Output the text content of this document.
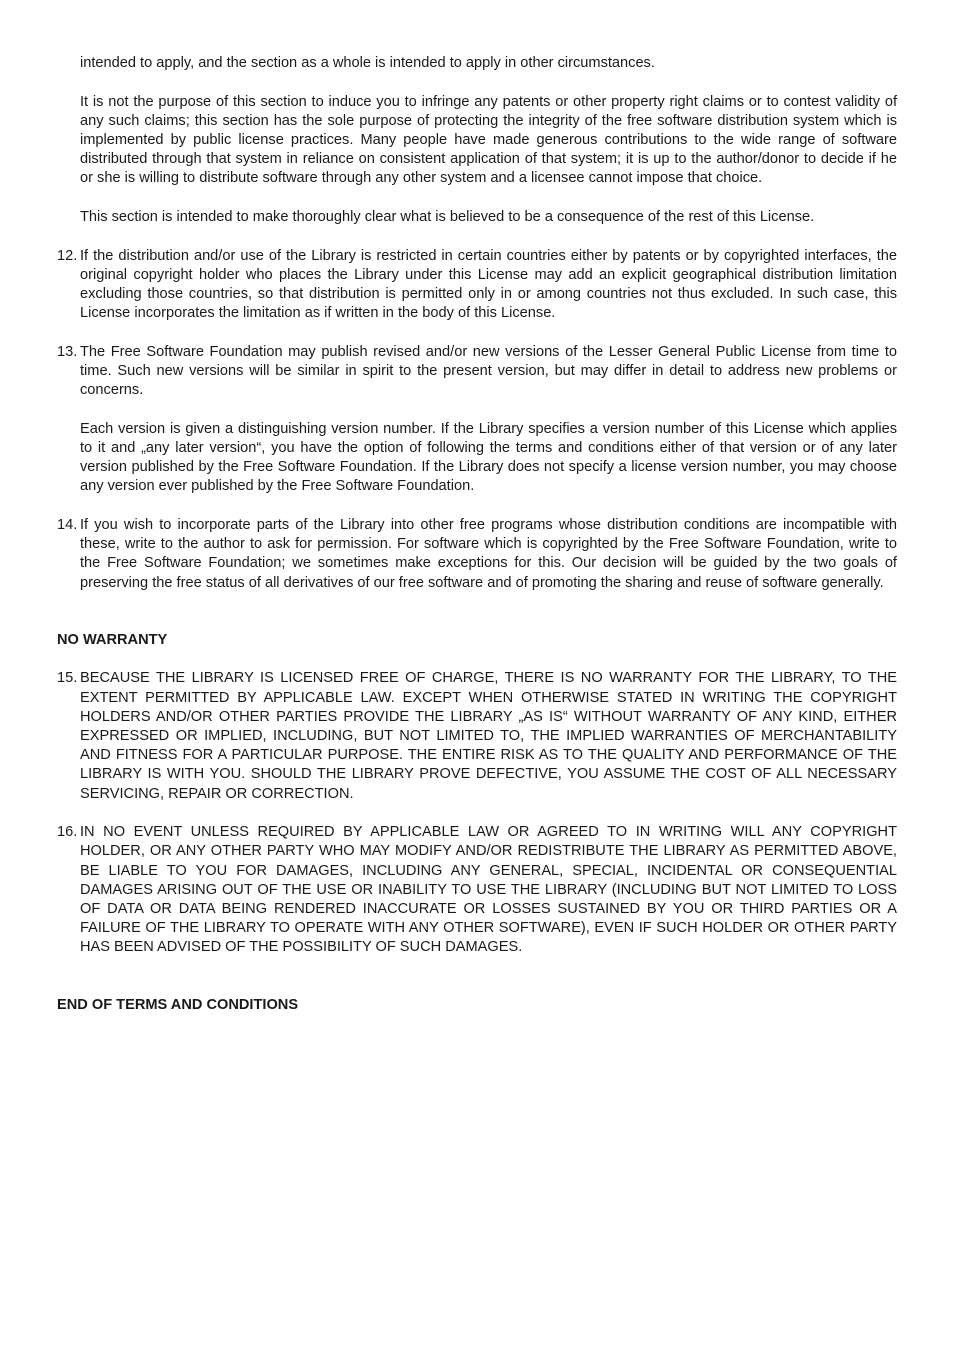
intended to apply, and the section as a whole is intended to apply in other circumstances.

It is not the purpose of this section to induce you to infringe any patents or other property right claims or to contest validity of any such claims; this section has the sole purpose of protecting the integrity of the free software distribution system which is implemented by public license practices. Many people have made generous contributions to the wide range of software distributed through that system in reliance on consistent application of that system; it is up to the author/donor to decide if he or she is willing to distribute software through any other system and a licensee cannot impose that choice.

This section is intended to make thoroughly clear what is believed to be a consequence of the rest of this License.

12. If the distribution and/or use of the Library is restricted in certain countries either by patents or by copyrighted interfaces, the original copyright holder who places the Library under this License may add an explicit geographical distribution limitation excluding those countries, so that distribution is permitted only in or among countries not thus excluded. In such case, this License incorporates the limitation as if written in the body of this License.
13. The Free Software Foundation may publish revised and/or new versions of the Lesser General Public License from time to time. Such new versions will be similar in spirit to the present version, but may differ in detail to address new problems or concerns.
Each version is given a distinguishing version number. If the Library specifies a version number of this License which applies to it and „any later version“, you have the option of following the terms and conditions either of that version or of any later version published by the Free Software Foundation. If the Library does not specify a license version number, you may choose any version ever published by the Free Software Foundation.
14. If you wish to incorporate parts of the Library into other free programs whose distribution conditions are incompatible with these, write to the author to ask for permission. For software which is copyrighted by the Free Software Foundation, write to the Free Software Foundation; we sometimes make exceptions for this. Our decision will be guided by the two goals of preserving the free status of all derivatives of our free software and of promoting the sharing and reuse of software generally.
NO WARRANTY
15. BECAUSE THE LIBRARY IS LICENSED FREE OF CHARGE, THERE IS NO WARRANTY FOR THE LIBRARY, TO THE EXTENT PERMITTED BY APPLICABLE LAW. EXCEPT WHEN OTHERWISE STATED IN WRITING THE COPYRIGHT HOLDERS AND/OR OTHER PARTIES PROVIDE THE LIBRARY „AS IS“ WITHOUT WARRANTY OF ANY KIND, EITHER EXPRESSED OR IMPLIED, INCLUDING, BUT NOT LIMITED TO, THE IMPLIED WARRANTIES OF MERCHANTABILITY AND FITNESS FOR A PARTICULAR PURPOSE. THE ENTIRE RISK AS TO THE QUALITY AND PERFORMANCE OF THE LIBRARY IS WITH YOU. SHOULD THE LIBRARY PROVE DEFECTIVE, YOU ASSUME THE COST OF ALL NECESSARY SERVICING, REPAIR OR CORRECTION.
16. IN NO EVENT UNLESS REQUIRED BY APPLICABLE LAW OR AGREED TO IN WRITING WILL ANY COPYRIGHT HOLDER, OR ANY OTHER PARTY WHO MAY MODIFY AND/OR REDISTRIBUTE THE LIBRARY AS PERMITTED ABOVE, BE LIABLE TO YOU FOR DAMAGES, INCLUDING ANY GENERAL, SPECIAL, INCIDENTAL OR CONSEQUENTIAL DAMAGES ARISING OUT OF THE USE OR INABILITY TO USE THE LIBRARY (INCLUDING BUT NOT LIMITED TO LOSS OF DATA OR DATA BEING RENDERED INACCURATE OR LOSSES SUSTAINED BY YOU OR THIRD PARTIES OR A FAILURE OF THE LIBRARY TO OPERATE WITH ANY OTHER SOFTWARE), EVEN IF SUCH HOLDER OR OTHER PARTY HAS BEEN ADVISED OF THE POSSIBILITY OF SUCH DAMAGES.
END OF TERMS AND CONDITIONS
